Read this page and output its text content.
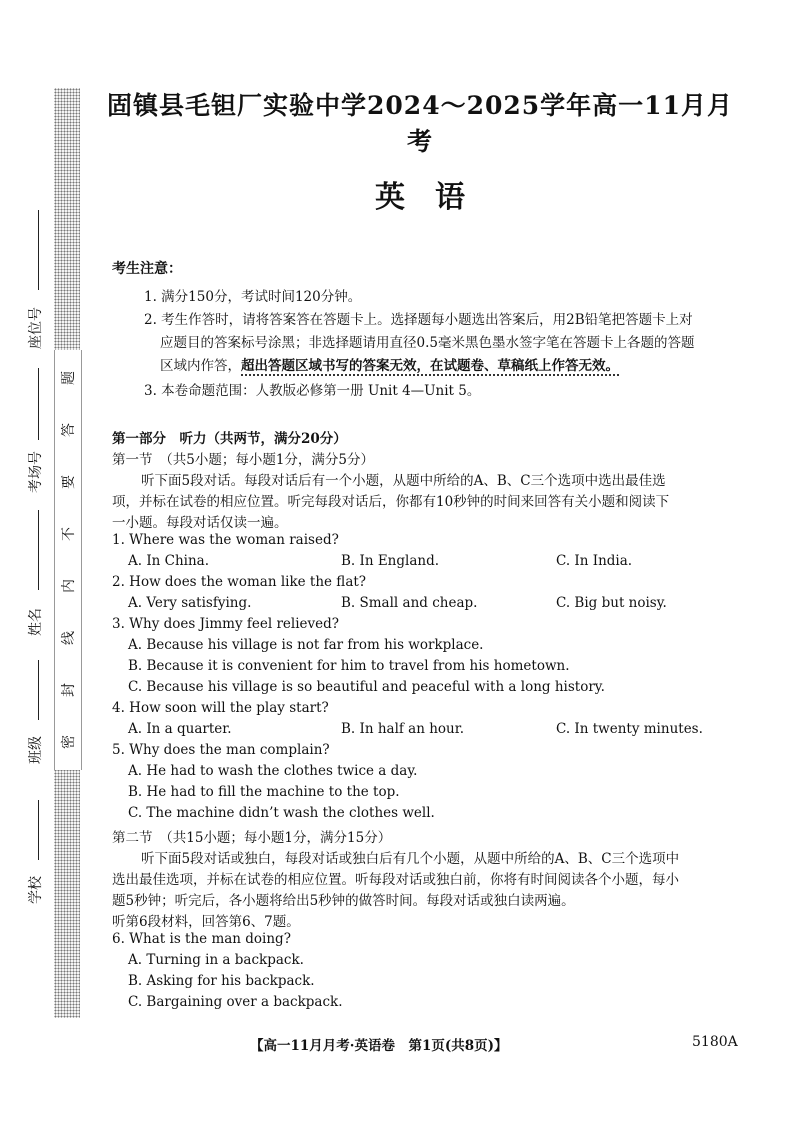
题
答
要
不
内
线
封
密
座位号
考场号
姓名
班级
学校
固镇县毛钽厂实验中学2024～2025学年高一11月月考
英　语
考生注意：
1. 满分150分，考试时间120分钟。
2. 考生作答时，请将答案答在答题卡上。选择题每小题选出答案后，用2B铅笔把答题卡上对
应题目的答案标号涂黑；非选择题请用直径0.5毫米黑色墨水签字笔在答题卡上各题的答题
区域内作答，超出答题区域书写的答案无效，在试题卷、草稿纸上作答无效。
3. 本卷命题范围：人教版必修第一册 Unit 4—Unit 5。
第一部分　听力（共两节，满分20分）
第一节　（共5小题；每小题1分，满分5分）
听下面5段对话。每段对话后有一个小题，从题中所给的A、B、C三个选项中选出最佳选
项，并标在试卷的相应位置。听完每段对话后，你都有10秒钟的时间来回答有关小题和阅读下
一小题。每段对话仅读一遍。
1. Where was the woman raised?
A. In China.	B. In England.	C. In India.
2. How does the woman like the flat?
A. Very satisfying.	B. Small and cheap.	C. Big but noisy.
3. Why does Jimmy feel relieved?
A. Because his village is not far from his workplace.
B. Because it is convenient for him to travel from his hometown.
C. Because his village is so beautiful and peaceful with a long history.
4. How soon will the play start?
A. In a quarter.	B. In half an hour.	C. In twenty minutes.
5. Why does the man complain?
A. He had to wash the clothes twice a day.
B. He had to fill the machine to the top.
C. The machine didn’t wash the clothes well.
第二节　（共15小题；每小题1分，满分15分）
听下面5段对话或独白，每段对话或独白后有几个小题，从题中所给的A、B、C三个选项中
选出最佳选项，并标在试卷的相应位置。听每段对话或独白前，你将有时间阅读各个小题，每小
题5秒钟；听完后，各小题将给出5秒钟的做答时间。每段对话或独白读两遍。
听第6段材料，回答第6、7题。
6. What is the man doing?
A. Turning in a backpack.
B. Asking for his backpack.
C. Bargaining over a backpack.
【高一11月月考·英语卷　第1页(共8页)】	5180A
